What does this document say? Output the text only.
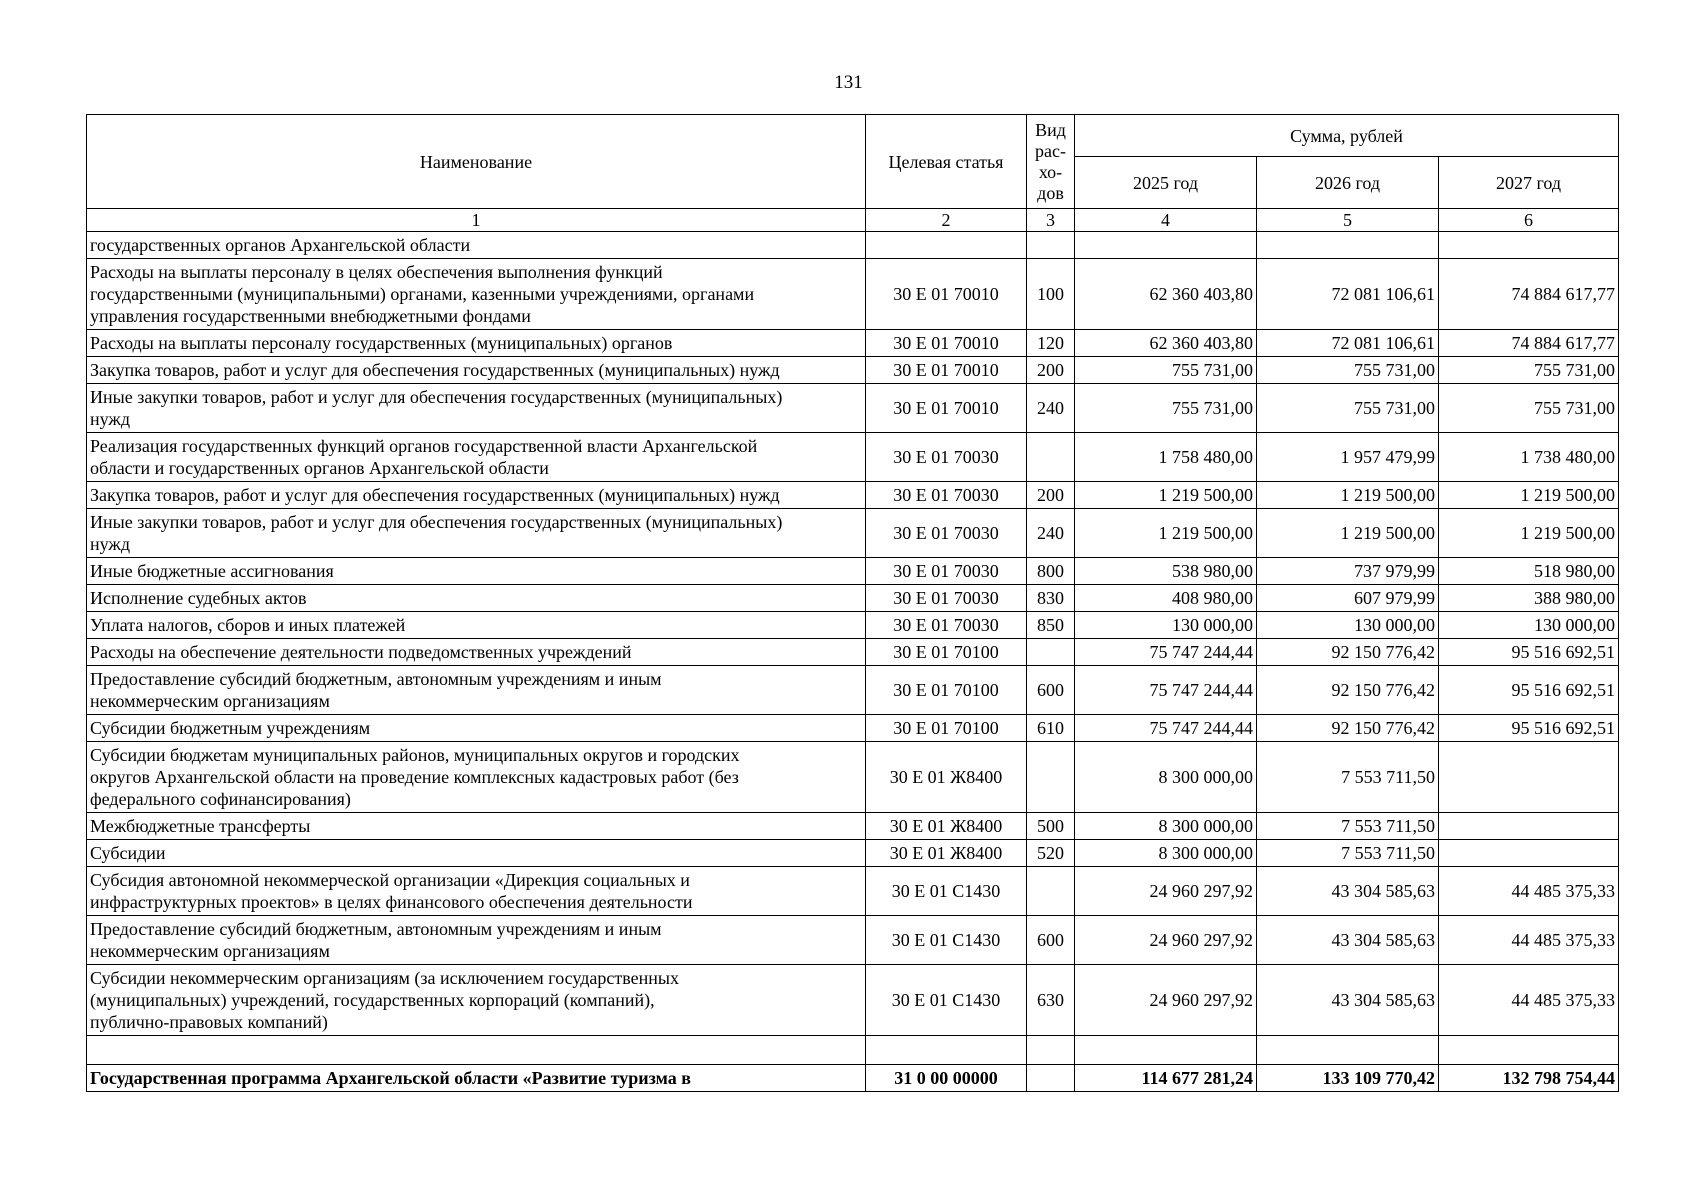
131
Наименование	Целевая статья	Вид рас- хо- дов	Сумма, рублей		
			2025 год	2026 год	2027 год
1	2	3	4	5	6
государственных органов Архангельской области					
Расходы на выплаты персоналу в целях обеспечения выполнения функций
государственными (муниципальными) органами, казенными учреждениями, органами
управления государственными внебюджетными фондами	30 Е 01 70010	100	62 360 403,80	72 081 106,61	74 884 617,77
Расходы на выплаты персоналу государственных (муниципальных) органов	30 Е 01 70010	120	62 360 403,80	72 081 106,61	74 884 617,77
Закупка товаров, работ и услуг для обеспечения государственных (муниципальных) нужд	30 Е 01 70010	200	755 731,00	755 731,00	755 731,00
Иные закупки товаров, работ и услуг для обеспечения государственных (муниципальных)
нужд	30 Е 01 70010	240	755 731,00	755 731,00	755 731,00
Реализация государственных функций органов государственной власти Архангельской
области и государственных органов Архангельской области	30 Е 01 70030		1 758 480,00	1 957 479,99	1 738 480,00
Закупка товаров, работ и услуг для обеспечения государственных (муниципальных) нужд	30 Е 01 70030	200	1 219 500,00	1 219 500,00	1 219 500,00
Иные закупки товаров, работ и услуг для обеспечения государственных (муниципальных)
нужд	30 Е 01 70030	240	1 219 500,00	1 219 500,00	1 219 500,00
Иные бюджетные ассигнования	30 Е 01 70030	800	538 980,00	737 979,99	518 980,00
Исполнение судебных актов	30 Е 01 70030	830	408 980,00	607 979,99	388 980,00
Уплата налогов, сборов и иных платежей	30 Е 01 70030	850	130 000,00	130 000,00	130 000,00
Расходы на обеспечение деятельности подведомственных учреждений	30 Е 01 70100		75 747 244,44	92 150 776,42	95 516 692,51
Предоставление субсидий бюджетным, автономным учреждениям и иным
некоммерческим организациям	30 Е 01 70100	600	75 747 244,44	92 150 776,42	95 516 692,51
Субсидии бюджетным учреждениям	30 Е 01 70100	610	75 747 244,44	92 150 776,42	95 516 692,51
Субсидии бюджетам муниципальных районов, муниципальных округов и городских
округов Архангельской области на проведение комплексных кадастровых работ (без
федерального софинансирования)	30 Е 01 Ж8400		8 300 000,00	7 553 711,50	
Межбюджетные трансферты	30 Е 01 Ж8400	500	8 300 000,00	7 553 711,50	
Субсидии	30 Е 01 Ж8400	520	8 300 000,00	7 553 711,50	
Субсидия автономной некоммерческой организации «Дирекция социальных и
инфраструктурных проектов» в целях финансового обеспечения деятельности	30 Е 01 С1430		24 960 297,92	43 304 585,63	44 485 375,33
Предоставление субсидий бюджетным, автономным учреждениям и иным
некоммерческим организациям	30 Е 01 С1430	600	24 960 297,92	43 304 585,63	44 485 375,33
Субсидии некоммерческим организациям (за исключением государственных
(муниципальных) учреждений, государственных корпораций (компаний),
публично-правовых компаний)	30 Е 01 С1430	630	24 960 297,92	43 304 585,63	44 485 375,33

Государственная программа Архангельской области «Развитие туризма в	31 0 00 00000		114 677 281,24	133 109 770,42	132 798 754,44
